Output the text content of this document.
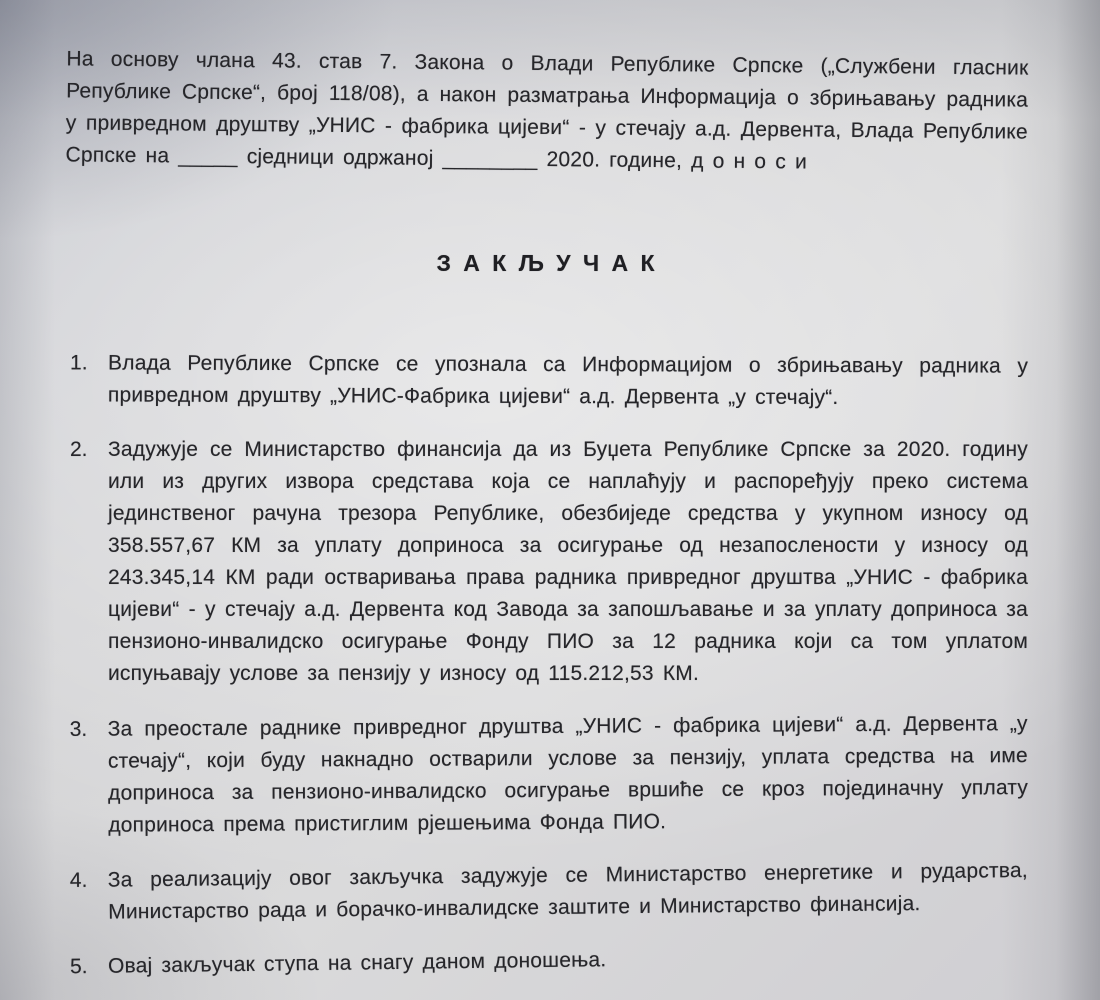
На основу члана 43. став 7. Закона о Влади Републике Српске („Службени гласник Републике Српске“, број 118/08), а након разматрања Информација о збрињавању радника у привредном друштву „УНИС - фабрика цијеви“ - у стечају а.д. Дервента, Влада Републике Српске на _____ сједници одржаној ________ 2020. године, д о н о с и

З А К Љ У Ч А К
1. Влада Републике Српске се упознала са Информацијом о збрињавању радника у привредном друштву „УНИС-Фабрика цијеви“ а.д. Дервента „у стечају“.
2. Задужује се Министарство финансија да из Буџета Републике Српске за 2020. годину или из других извора средстава која се наплаћују и распоређују преко система јединственог рачуна трезора Републике, обезбиједе средства у укупном износу од 358.557,67 КМ за уплату доприноса за осигурање од незапослености у износу од 243.345,14 КМ ради остваривања права радника привредног друштва „УНИС - фабрика цијеви“ - у стечају а.д. Дервента код Завода за запошљавање и за уплату доприноса за пензионо-инвалидско осигурање Фонду ПИО за 12 радника који са том уплатом испуњавају услове за пензију у износу од 115.212,53 КМ.
3. За преостале раднике привредног друштва „УНИС - фабрика цијеви“ а.д. Дервента „у стечају“, који буду накнадно остварили услове за пензију, уплата средства на име доприноса за пензионо-инвалидско осигурање вршиће се кроз појединачну уплату доприноса према пристиглим рјешењима Фонда ПИО.
4. За реализацију овог закључка задужује се Министарство енергетике и рударства, Министарство рада и борачко-инвалидске заштите и Министарство финансија.
5. Овај закључак ступа на снагу даном доношења.
